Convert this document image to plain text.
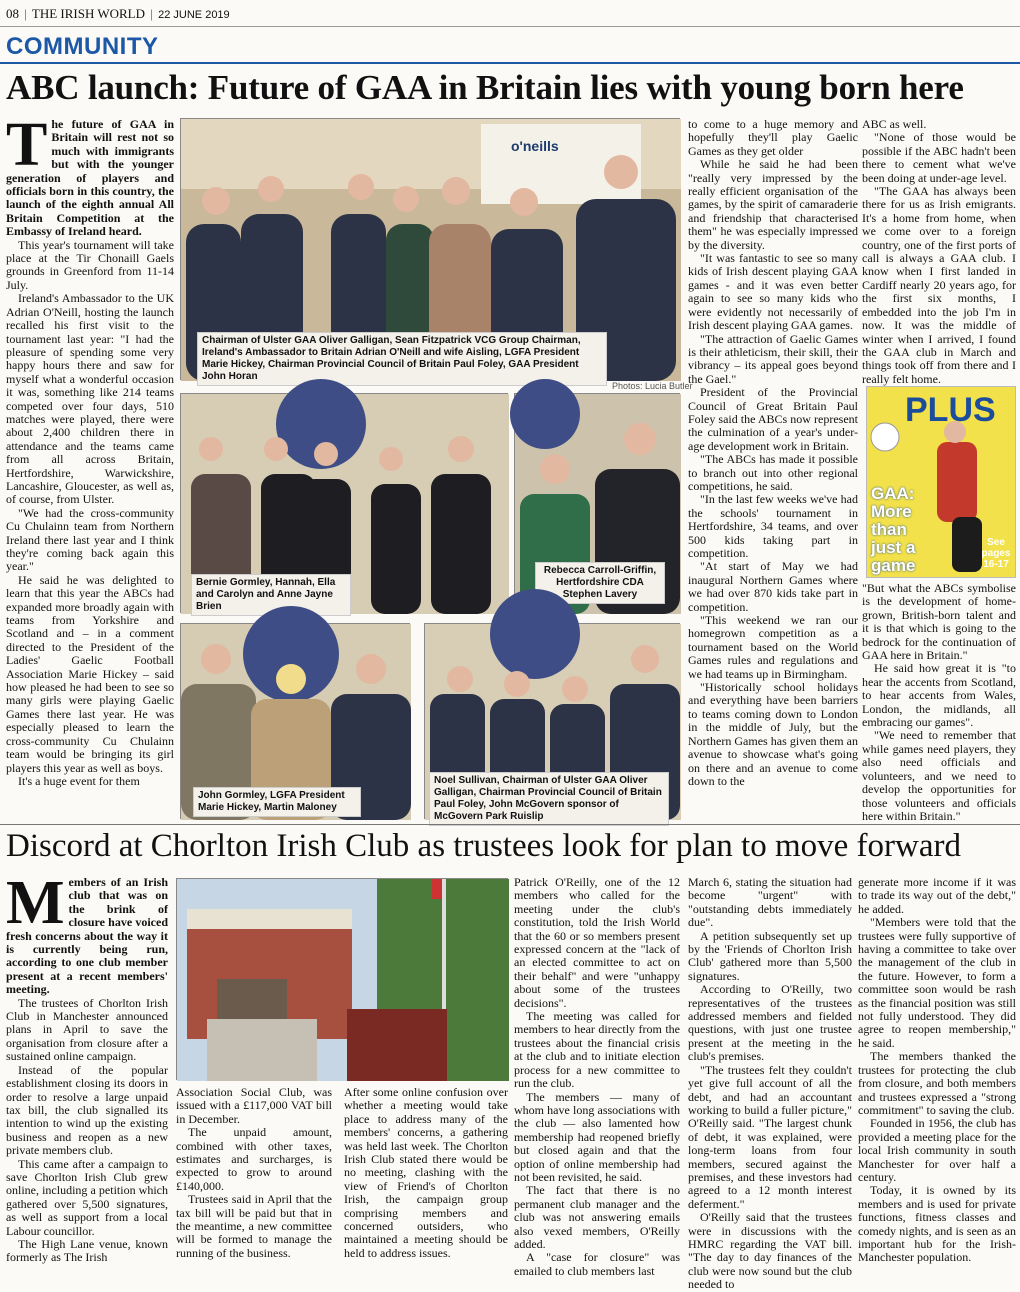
08 | THE IRISH WORLD | 22 JUNE 2019
COMMUNITY
ABC launch: Future of GAA in Britain lies with young born here

The future of GAA in Britain will rest not so much with immigrants but with the younger generation of players and officials born in this country, the launch of the eighth annual All Britain Competition at the Embassy of Ireland heard.

This year's tournament will take place at the Tir Chonaill Gaels grounds in Greenford from 11-14 July.

Ireland's Ambassador to the UK Adrian O'Neill, hosting the launch recalled his first visit to the tournament last year: "I had the pleasure of spending some very happy hours there and saw for myself what a wonderful occasion it was, something like 214 teams competed over four days, 510 matches were played, there were about 2,400 children there in attendance and the teams came from all across Britain, Hertfordshire, Warwickshire, Lancashire, Gloucester, as well as, of course, from Ulster.

"We had the cross-community Cu Chulainn team from Northern Ireland there last year and I think they're coming back again this year."

He said he was delighted to learn that this year the ABCs had expanded more broadly again with teams from Yorkshire and Scotland and – in a comment directed to the President of the Ladies' Gaelic Football Association Marie Hickey – said how pleased he had been to see so many girls were playing Gaelic Games there last year. He was especially pleased to learn the cross-community Cu Chulainn team would be bringing its girl players this year as well as boys.

It's a huge event for them

to come to a huge memory and hopefully they'll play Gaelic Games as they get older

While he said he had been "really very impressed by the really efficient organisation of the games, by the spirit of camaraderie and friendship that characterised them" he was especially impressed by the diversity.

"It was fantastic to see so many kids of Irish descent playing GAA games - and it was even better again to see so many kids who were evidently not necessarily of Irish descent playing GAA games.

"The attraction of Gaelic Games is their athleticism, their skill, their vibrancy – its appeal goes beyond the Gael."

President of the Provincial Council of Great Britain Paul Foley said the ABCs now represent the culmination of a year's under-age development work in Britain.

"The ABCs has made it possible to branch out into other regional competitions, he said.

"In the last few weeks we've had the schools' tournament in Hertfordshire, 34 teams, and over 500 kids taking part in competition.

"At start of May we had inaugural Northern Games where we had over 870 kids take part in competition.

"This weekend we ran our homegrown competition as a tournament based on the World Games rules and regulations and we had teams up in Birmingham.

"Historically school holidays and everything have been barriers to teams coming down to London in the middle of July, but the Northern Games has given them an avenue to showcase what's going on there and an avenue to come down to the

ABC as well.

"None of those would be possible if the ABC hadn't been there to cement what we've been doing at under-age level.

"The GAA has always been there for us as Irish emigrants. It's a home from home, when we come over to a foreign country, one of the first ports of call is always a GAA club. I know when I first landed in Cardiff nearly 20 years ago, for the first six months, I embedded into the job I'm in now. It was the middle of winter when I arrived, I found the GAA club in March and things took off from there and I really felt home.

"But what the ABCs symbolise is the development of home-grown, British-born talent and it is that which is going to the bedrock for the continuation of GAA here in Britain."

He said how great it is "to hear the accents from Scotland, to hear accents from Wales, London, the midlands, all embracing our games".

"We need to remember that while games need players, they also need officials and volunteers, and we need to develop the opportunities for those volunteers and officials here within Britain."

o'neills
Chairman of Ulster GAA Oliver Galligan, Sean Fitzpatrick VCG Group Chairman, Ireland's Ambassador to Britain Adrian O'Neill and wife Aisling, LGFA President Marie Hickey, Chairman Provincial Council of Britain Paul Foley, GAA President John Horan
Photos: Lucia Butler
Bernie Gormley, Hannah, Ella and Carolyn and Anne Jayne Brien
Rebecca Carroll-Griffin, Hertfordshire CDA Stephen Lavery
John Gormley, LGFA President Marie Hickey, Martin Maloney
Noel Sullivan, Chairman of Ulster GAA Oliver Galligan, Chairman Provincial Council of Britain Paul Foley, John McGovern sponsor of McGovern Park Ruislip
PLUS
GAA:
More
than
just a
game
See
pages
16-17
Discord at Chorlton Irish Club as trustees look for plan to move forward

Members of an Irish club that was on the brink of closure have voiced fresh concerns about the way it is currently being run, according to one club member present at a recent members' meeting.

The trustees of Chorlton Irish Club in Manchester announced plans in April to save the organisation from closure after a sustained online campaign.

Instead of the popular establishment closing its doors in order to resolve a large unpaid tax bill, the club signalled its intention to wind up the existing business and reopen as a new private members club.

This came after a campaign to save Chorlton Irish Club grew online, including a petition which gathered over 5,500 signatures, as well as support from a local Labour councillor.

The High Lane venue, known formerly as The Irish

Association Social Club, was issued with a £117,000 VAT bill in December.

The unpaid amount, combined with other taxes, estimates and surcharges, is expected to grow to around £140,000.

Trustees said in April that the tax bill will be paid but that in the meantime, a new committee will be formed to manage the running of the business.

After some online confusion over whether a meeting would take place to address many of the members' concerns, a gathering was held last week. The Chorlton Irish Club stated there would be no meeting, clashing with the view of Friend's of Chorlton Irish, the campaign group comprising members and concerned outsiders, who maintained a meeting should be held to address issues.

Patrick O'Reilly, one of the 12 members who called for the meeting under the club's constitution, told the Irish World that the 60 or so members present expressed concern at the "lack of an elected committee to act on their behalf" and were "unhappy about some of the trustees decisions".

The meeting was called for members to hear directly from the trustees about the financial crisis at the club and to initiate election process for a new committee to run the club.

The members — many of whom have long associations with the club — also lamented how membership had reopened briefly but closed again and that the option of online membership had not been revisited, he said.

The fact that there is no permanent club manager and the club was not answering emails also vexed members, O'Reilly added.

A "case for closure" was emailed to club members last

March 6, stating the situation had become "urgent" with "outstanding debts immediately due".

A petition subsequently set up by the 'Friends of Chorlton Irish Club' gathered more than 5,500 signatures.

According to O'Reilly, two representatives of the trustees addressed members and fielded questions, with just one trustee present at the meeting in the club's premises.

"The trustees felt they couldn't yet give full account of all the debt, and had an accountant working to build a fuller picture," O'Reilly said. "The largest chunk of debt, it was explained, were long-term loans from four members, secured against the premises, and these investors had agreed to a 12 month interest deferment."

O'Reilly said that the trustees were in discussions with the HMRC regarding the VAT bill. "The day to day finances of the club were now sound but the club needed to

generate more income if it was to trade its way out of the debt," he added.

"Members were told that the trustees were fully supportive of having a committee to take over the management of the club in the future. However, to form a committee soon would be rash as the financial position was still not fully understood. They did agree to reopen membership," he said.

The members thanked the trustees for protecting the club from closure, and both members and trustees expressed a "strong commitment" to saving the club.

Founded in 1956, the club has provided a meeting place for the local Irish community in south Manchester for over half a century.

Today, it is owned by its members and is used for private functions, fitness classes and comedy nights, and is seen as an important hub for the Irish-Manchester population.
